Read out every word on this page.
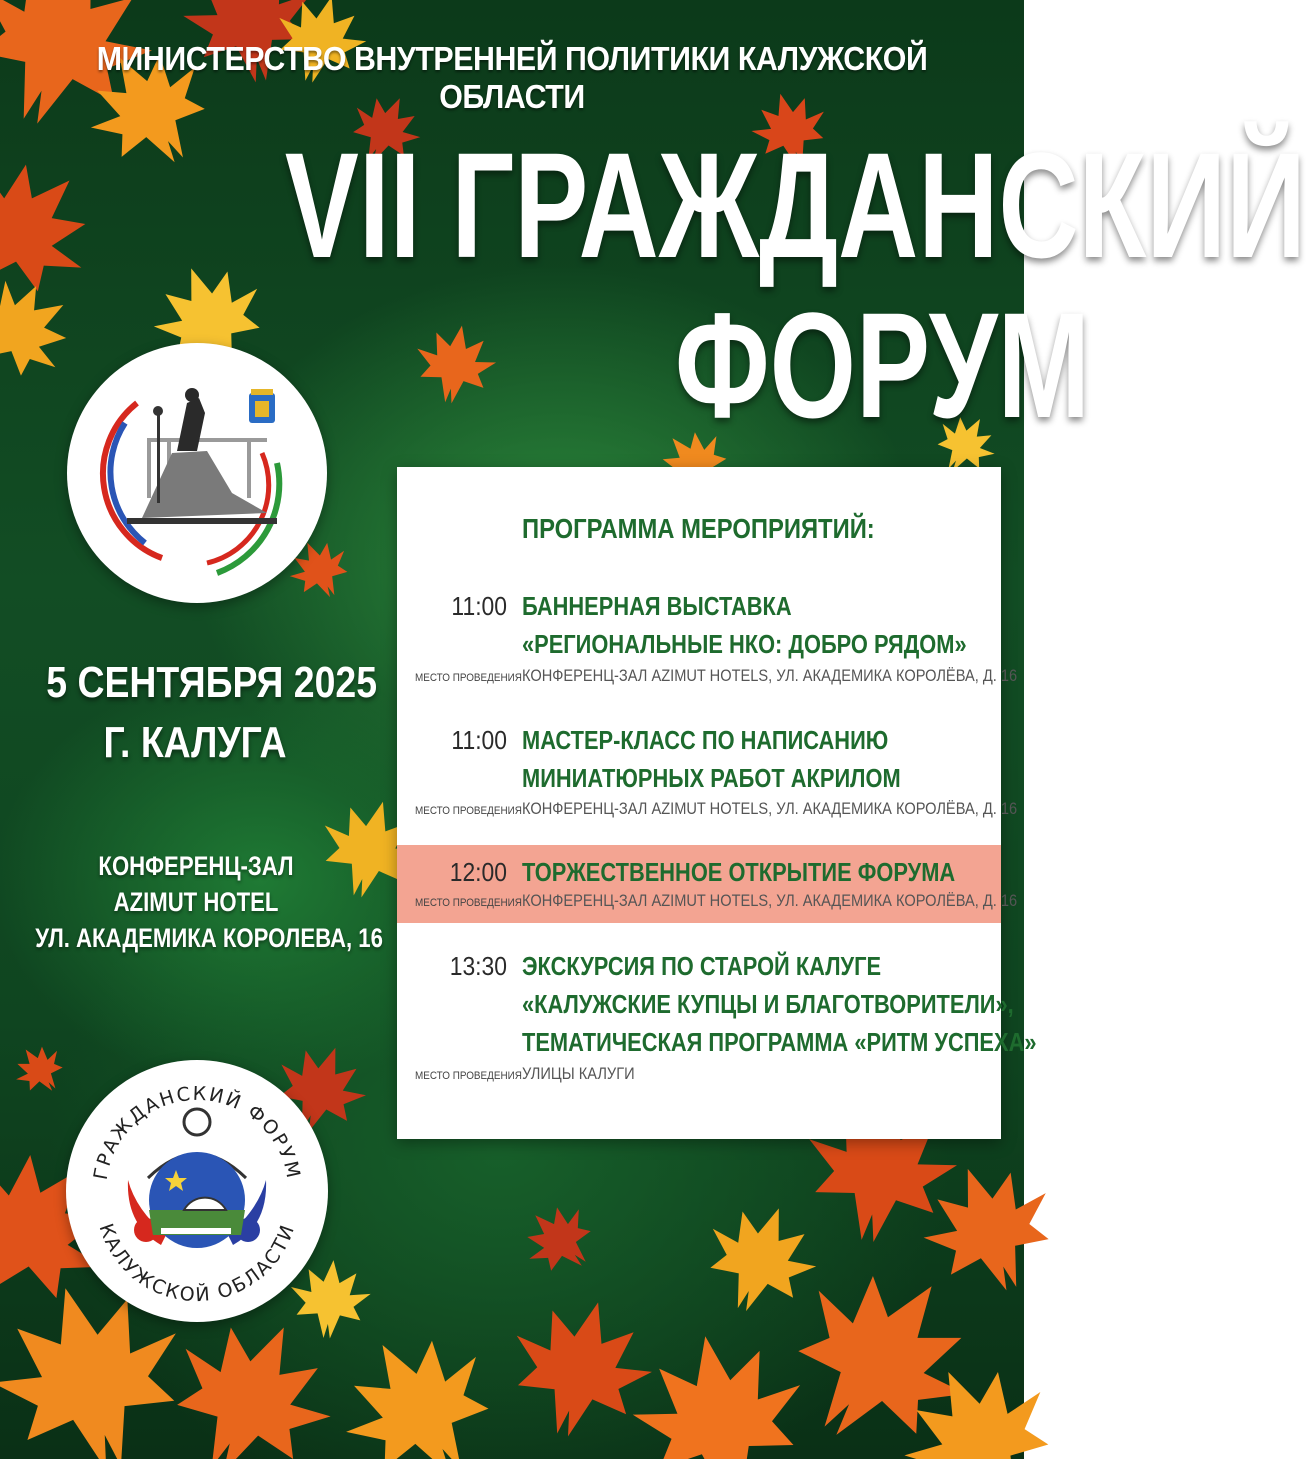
МИНИСТЕРСТВО ВНУТРЕННЕЙ ПОЛИТИКИ КАЛУЖСКОЙ ОБЛАСТИ
VII ГРАЖДАНСКИЙ
ФОРУМ
5 СЕНТЯБРЯ 2025
Г. КАЛУГА
КОНФЕРЕНЦ-ЗАЛ
AZIMUT HOTEL
УЛ. АКАДЕМИКА КОРОЛЕВА, 16
ГРАЖДАНСКИЙ ФОРУМ
КАЛУЖСКОЙ ОБЛАСТИ
ПРОГРАММА МЕРОПРИЯТИЙ:
11:00 БАННЕРНАЯ ВЫСТАВКА
«РЕГИОНАЛЬНЫЕ НКО: ДОБРО РЯДОМ»
МЕСТО ПРОВЕДЕНИЯ КОНФЕРЕНЦ-ЗАЛ AZIMUT HOTELS, УЛ. АКАДЕМИКА КОРОЛЁВА, Д. 16
11:00 МАСТЕР-КЛАСС ПО НАПИСАНИЮ
МИНИАТЮРНЫХ РАБОТ АКРИЛОМ
МЕСТО ПРОВЕДЕНИЯ КОНФЕРЕНЦ-ЗАЛ AZIMUT HOTELS, УЛ. АКАДЕМИКА КОРОЛЁВА, Д. 16
12:00 ТОРЖЕСТВЕННОЕ ОТКРЫТИЕ ФОРУМА
МЕСТО ПРОВЕДЕНИЯ КОНФЕРЕНЦ-ЗАЛ AZIMUT HOTELS, УЛ. АКАДЕМИКА КОРОЛЁВА, Д. 16
13:30 ЭКСКУРСИЯ ПО СТАРОЙ КАЛУГЕ
«КАЛУЖСКИЕ КУПЦЫ И БЛАГОТВОРИТЕЛИ»,
ТЕМАТИЧЕСКАЯ ПРОГРАММА «РИТМ УСПЕХА»
МЕСТО ПРОВЕДЕНИЯ УЛИЦЫ КАЛУГИ
